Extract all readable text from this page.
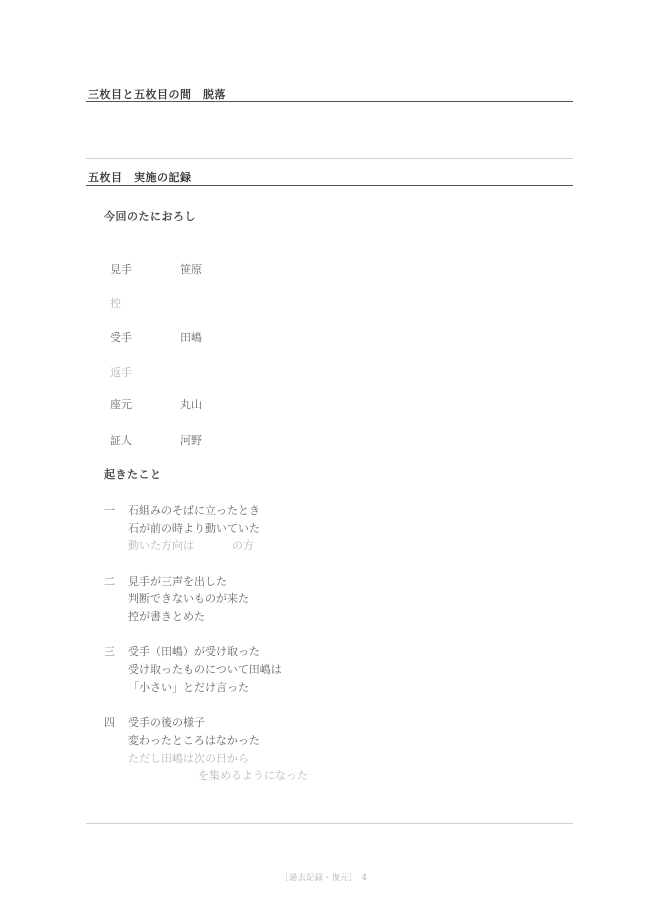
三枚目と五枚目の間　脱落
五枚目　実施の記録
今回のたにおろし
見手	笹原
控
受手	田嶋
返手
座元	丸山
証人	河野
起きたこと
一 石組みのそばに立ったとき
石が前の時より動いていた
動いた方向は	の方
二 見手が三声を出した
判断できないものが来た
控が書きとめた
三 受手（田嶋）が受け取った
受け取ったものについて田嶋は
「小さい」とだけ言った
四 受手の後の様子
変わったところはなかった
ただし田嶋は次の日から
を集めるようになった
［過去記録・復元］　4
